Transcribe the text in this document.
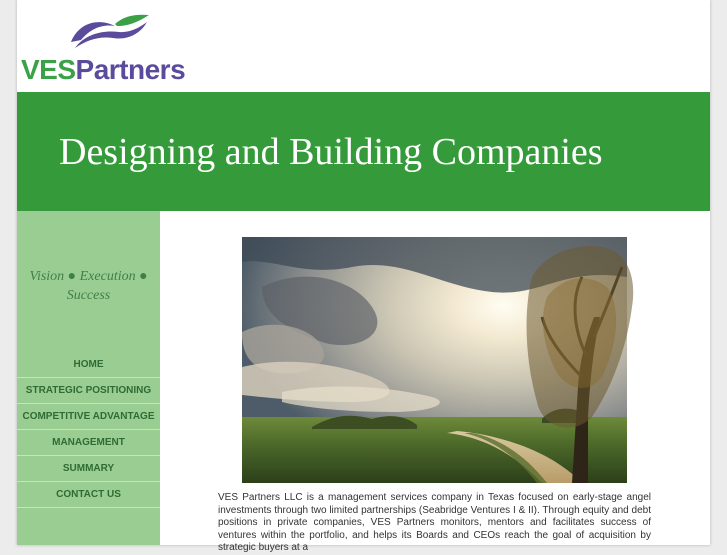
VESPartners
Designing and Building Companies
Vision ● Execution ●
Success
HOME
STRATEGIC POSITIONING
COMPETITIVE ADVANTAGE
MANAGEMENT
SUMMARY
CONTACT US	VES Partners LLC is a management services company in Texas focused on early-stage angel investments through two limited partnerships (Seabridge Ventures I & II). Through equity and debt positions in private companies, VES Partners monitors, mentors and facilitates success of ventures within the portfolio, and helps its Boards and CEOs reach the goal of acquisition by strategic buyers at a
